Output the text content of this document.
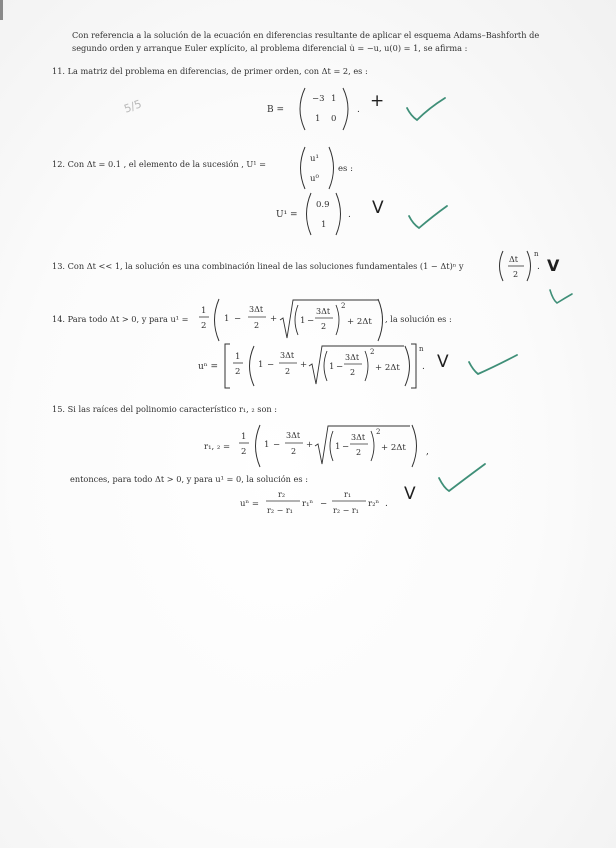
Con referencia a la solución de la ecuación en diferencias resultante de aplicar el esquema Adams–Bashforth de
segundo orden y arranque Euler explícito, al problema diferencial u̇ = −u, u(0) = 1, se afirma :
11. La matriz del problema en diferencias, de primer orden, con Δt = 2, es :
5/5	B =
−3 1
1 0
. +
12. Con Δt = 0.1 , el elemento de la sucesión , U¹ =	u¹
u⁰
es :
U¹ =
0.9
1
. V
13. Con Δt << 1, la solución es una combinación lineal de las soluciones fundamentales (1 − Δt)ⁿ y
Δt
2
n
. V
14. Para todo Δt > 0, y para u¹ =
1
2
1 −
3Δt
2
+	1 −
3Δt
2
2
+ 2Δt , la solución es :
uⁿ =
1
2
1 −
3Δt
2
+	1 −
3Δt
2
2
+ 2Δt
n
. V
15. Si las raíces del polinomio característico r₁, ₂ son :
r₁, ₂ =
1
2
1 −
3Δt
2
+	1 −
3Δt
2
2
+ 2Δt ,
entonces, para todo Δt > 0, y para u¹ = 0, la solución es :
uⁿ =
r₂
r₂ − r₁
r₁ⁿ −
r₁
r₂ − r₁
r₂ⁿ . V
